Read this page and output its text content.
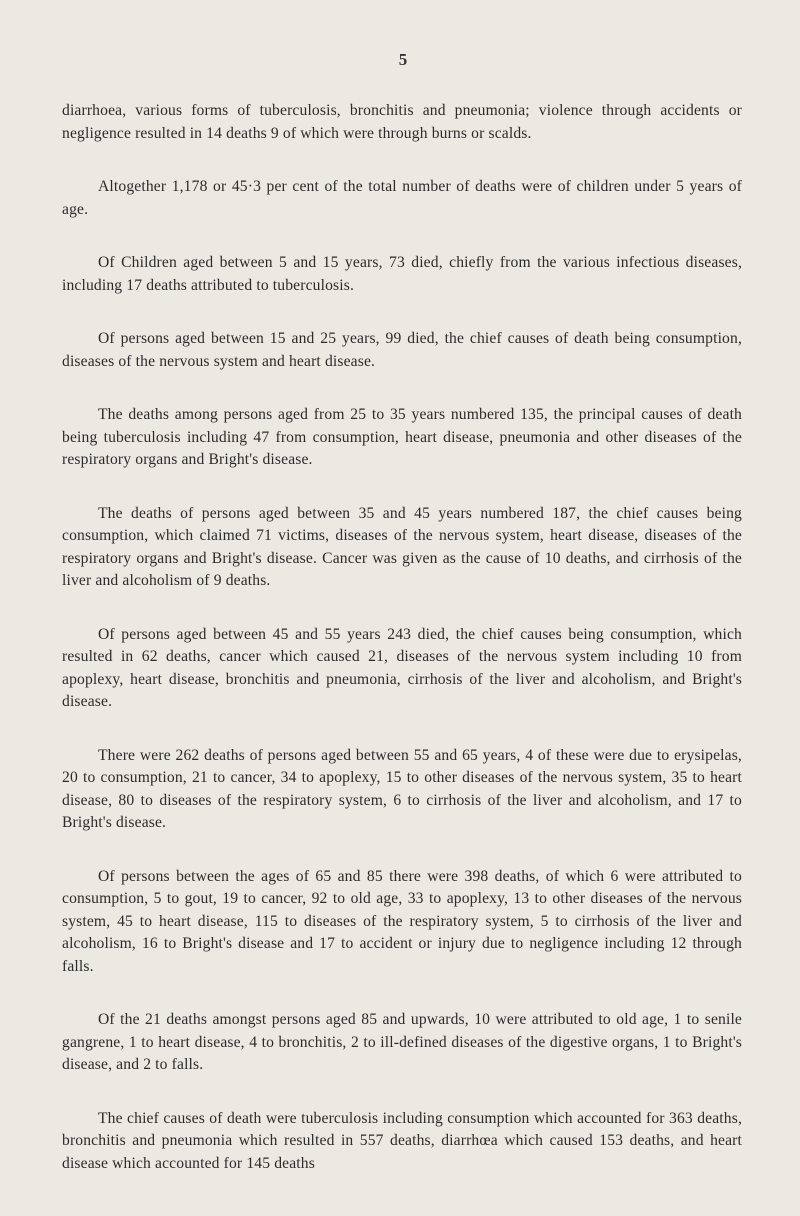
5

diarrhoea, various forms of tuberculosis, bronchitis and pneumonia; violence through accidents or negligence resulted in 14 deaths 9 of which were through burns or scalds.

Altogether 1,178 or 45·3 per cent of the total number of deaths were of children under 5 years of age.

Of Children aged between 5 and 15 years, 73 died, chiefly from the various infectious diseases, including 17 deaths attributed to tuberculosis.

Of persons aged between 15 and 25 years, 99 died, the chief causes of death being consumption, diseases of the nervous system and heart disease.

The deaths among persons aged from 25 to 35 years numbered 135, the principal causes of death being tuberculosis including 47 from consumption, heart disease, pneumonia and other diseases of the respiratory organs and Bright's disease.

The deaths of persons aged between 35 and 45 years numbered 187, the chief causes being consumption, which claimed 71 victims, diseases of the nervous system, heart disease, diseases of the respiratory organs and Bright's disease. Cancer was given as the cause of 10 deaths, and cirrhosis of the liver and alcoholism of 9 deaths.

Of persons aged between 45 and 55 years 243 died, the chief causes being consumption, which resulted in 62 deaths, cancer which caused 21, diseases of the nervous system including 10 from apoplexy, heart disease, bronchitis and pneumonia, cirrhosis of the liver and alcoholism, and Bright's disease.

There were 262 deaths of persons aged between 55 and 65 years, 4 of these were due to erysipelas, 20 to consumption, 21 to cancer, 34 to apoplexy, 15 to other diseases of the nervous system, 35 to heart disease, 80 to diseases of the respiratory system, 6 to cirrhosis of the liver and alcoholism, and 17 to Bright's disease.

Of persons between the ages of 65 and 85 there were 398 deaths, of which 6 were attributed to consumption, 5 to gout, 19 to cancer, 92 to old age, 33 to apoplexy, 13 to other diseases of the nervous system, 45 to heart disease, 115 to diseases of the respiratory system, 5 to cirrhosis of the liver and alcoholism, 16 to Bright's disease and 17 to accident or injury due to negligence including 12 through falls.

Of the 21 deaths amongst persons aged 85 and upwards, 10 were attributed to old age, 1 to senile gangrene, 1 to heart disease, 4 to bronchitis, 2 to ill-defined diseases of the digestive organs, 1 to Bright's disease, and 2 to falls.

The chief causes of death were tuberculosis including consumption which accounted for 363 deaths, bronchitis and pneumonia which resulted in 557 deaths, diarrhœa which caused 153 deaths, and heart disease which accounted for 145 deaths
